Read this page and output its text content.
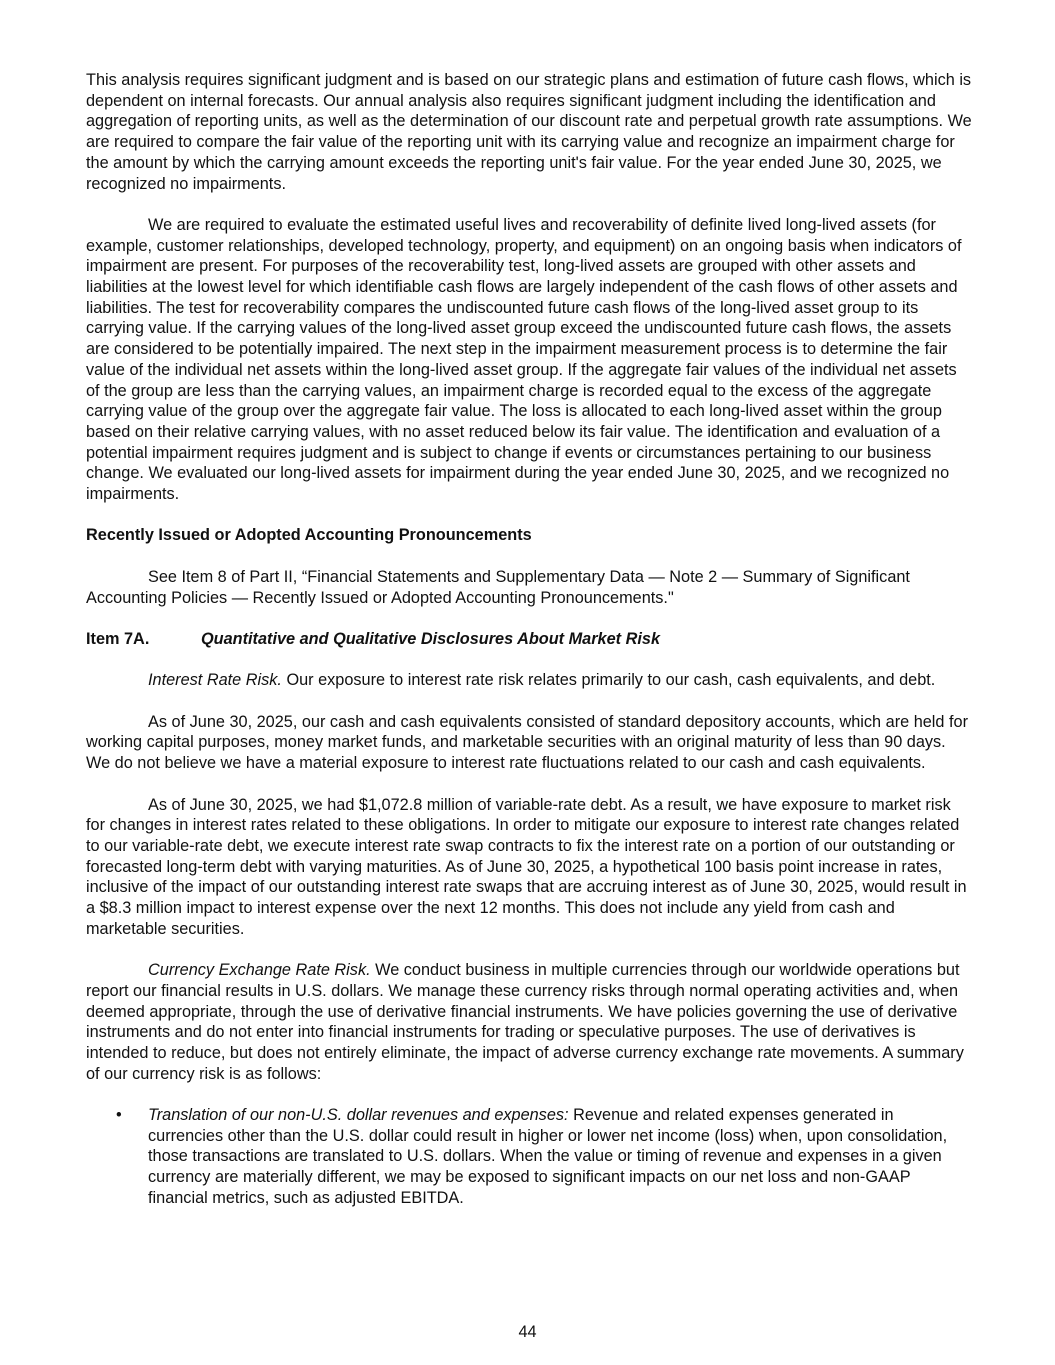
This analysis requires significant judgment and is based on our strategic plans and estimation of future cash flows, which is dependent on internal forecasts. Our annual analysis also requires significant judgment including the identification and aggregation of reporting units, as well as the determination of our discount rate and perpetual growth rate assumptions. We are required to compare the fair value of the reporting unit with its carrying value and recognize an impairment charge for the amount by which the carrying amount exceeds the reporting unit's fair value. For the year ended June 30, 2025, we recognized no impairments.

We are required to evaluate the estimated useful lives and recoverability of definite lived long-lived assets (for example, customer relationships, developed technology, property, and equipment) on an ongoing basis when indicators of impairment are present. For purposes of the recoverability test, long-lived assets are grouped with other assets and liabilities at the lowest level for which identifiable cash flows are largely independent of the cash flows of other assets and liabilities. The test for recoverability compares the undiscounted future cash flows of the long-lived asset group to its carrying value. If the carrying values of the long-lived asset group exceed the undiscounted future cash flows, the assets are considered to be potentially impaired. The next step in the impairment measurement process is to determine the fair value of the individual net assets within the long-lived asset group. If the aggregate fair values of the individual net assets of the group are less than the carrying values, an impairment charge is recorded equal to the excess of the aggregate carrying value of the group over the aggregate fair value. The loss is allocated to each long-lived asset within the group based on their relative carrying values, with no asset reduced below its fair value. The identification and evaluation of a potential impairment requires judgment and is subject to change if events or circumstances pertaining to our business change. We evaluated our long-lived assets for impairment during the year ended June 30, 2025, and we recognized no impairments.

Recently Issued or Adopted Accounting Pronouncements

See Item 8 of Part II, “Financial Statements and Supplementary Data — Note 2 — Summary of Significant Accounting Policies — Recently Issued or Adopted Accounting Pronouncements."

Item 7A.	Quantitative and Qualitative Disclosures About Market Risk

Interest Rate Risk. Our exposure to interest rate risk relates primarily to our cash, cash equivalents, and debt.

As of June 30, 2025, our cash and cash equivalents consisted of standard depository accounts, which are held for working capital purposes, money market funds, and marketable securities with an original maturity of less than 90 days. We do not believe we have a material exposure to interest rate fluctuations related to our cash and cash equivalents.

As of June 30, 2025, we had $1,072.8 million of variable-rate debt. As a result, we have exposure to market risk for changes in interest rates related to these obligations. In order to mitigate our exposure to interest rate changes related to our variable-rate debt, we execute interest rate swap contracts to fix the interest rate on a portion of our outstanding or forecasted long-term debt with varying maturities. As of June 30, 2025, a hypothetical 100 basis point increase in rates, inclusive of the impact of our outstanding interest rate swaps that are accruing interest as of June 30, 2025, would result in a $8.3 million impact to interest expense over the next 12 months. This does not include any yield from cash and marketable securities.

Currency Exchange Rate Risk. We conduct business in multiple currencies through our worldwide operations but report our financial results in U.S. dollars. We manage these currency risks through normal operating activities and, when deemed appropriate, through the use of derivative financial instruments. We have policies governing the use of derivative instruments and do not enter into financial instruments for trading or speculative purposes. The use of derivatives is intended to reduce, but does not entirely eliminate, the impact of adverse currency exchange rate movements. A summary of our currency risk is as follows:

• Translation of our non-U.S. dollar revenues and expenses: Revenue and related expenses generated in currencies other than the U.S. dollar could result in higher or lower net income (loss) when, upon consolidation, those transactions are translated to U.S. dollars. When the value or timing of revenue and expenses in a given currency are materially different, we may be exposed to significant impacts on our net loss and non-GAAP financial metrics, such as adjusted EBITDA.
44
